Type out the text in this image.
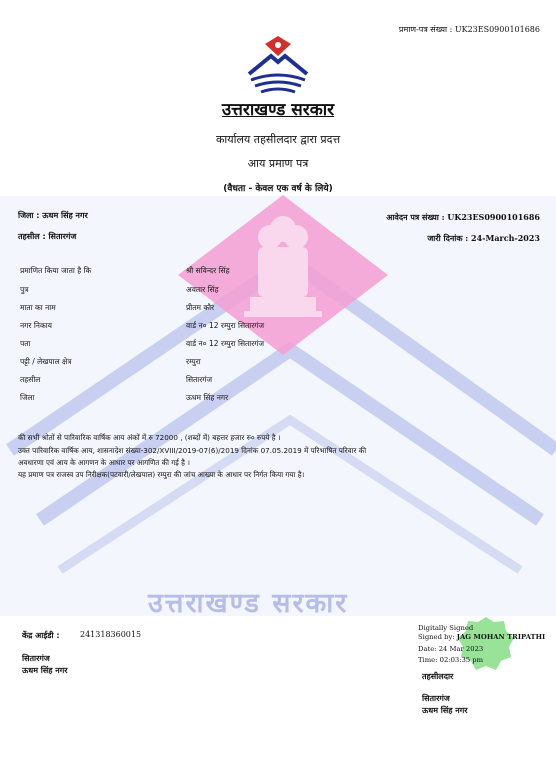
प्रमाण-पत्र संख्या : UK23ES0900101686
उत्तराखण्ड सरकार
कार्यालय तहसीलदार द्वारा प्रदत्त
आय प्रमाण पत्र
(वैधता - केवल एक वर्ष के लिये)
जिला : ऊधम सिंह नगर
तहसील : सितारगंज
आवेदन पत्र संख्या : UK23ES0900101686
जारी दिनांक : 24-March-2023
प्रमाणित किया जाता है कि	श्री सविन्दर सिंह
पुत्र	अवतार सिंह
माता का नाम	प्रीतम कौर
नगर निकाय	वार्ड न० 12 रम्पुरा सितारगंज
पता	वार्ड न० 12 रम्पुरा सितारगंज
पट्टी / लेखपाल क्षेत्र	रम्पुरा
तहसील	सितारगंज
जिला	ऊधम सिंह नगर
की सभी श्रोतों से पारिवारिक वार्षिक आय अंकों में रु 72000 , (शब्दों में) बहत्तर हजार रु० रुपये है ।
उक्त पारिवारिक वार्षिक आय, शासनादेश संख्या-302/XVIII/2019-07(6)/2019 दिनांक 07.05.2019 में परिभाषित परिवार की
अवधारणा एवं आय के आगणन के आधार पर आगणित की गई है ।
यह प्रमाण पत्र राजस्व उप निरीक्षक(पटवारी/लेखपाल) रम्पुरा की जांच आख्या के आधार पर निर्गत किया गया है।
उत्तराखण्ड सरकार
केंद्र आईडी :	241318360015
सितारगंज
ऊधम सिंह नगर
Digitally Signed
Signed by: JAG MOHAN TRIPATHI
Date: 24 Mar 2023
Time: 02:03:35 pm
तहसीलदार
सितारगंज
ऊधम सिंह नगर
